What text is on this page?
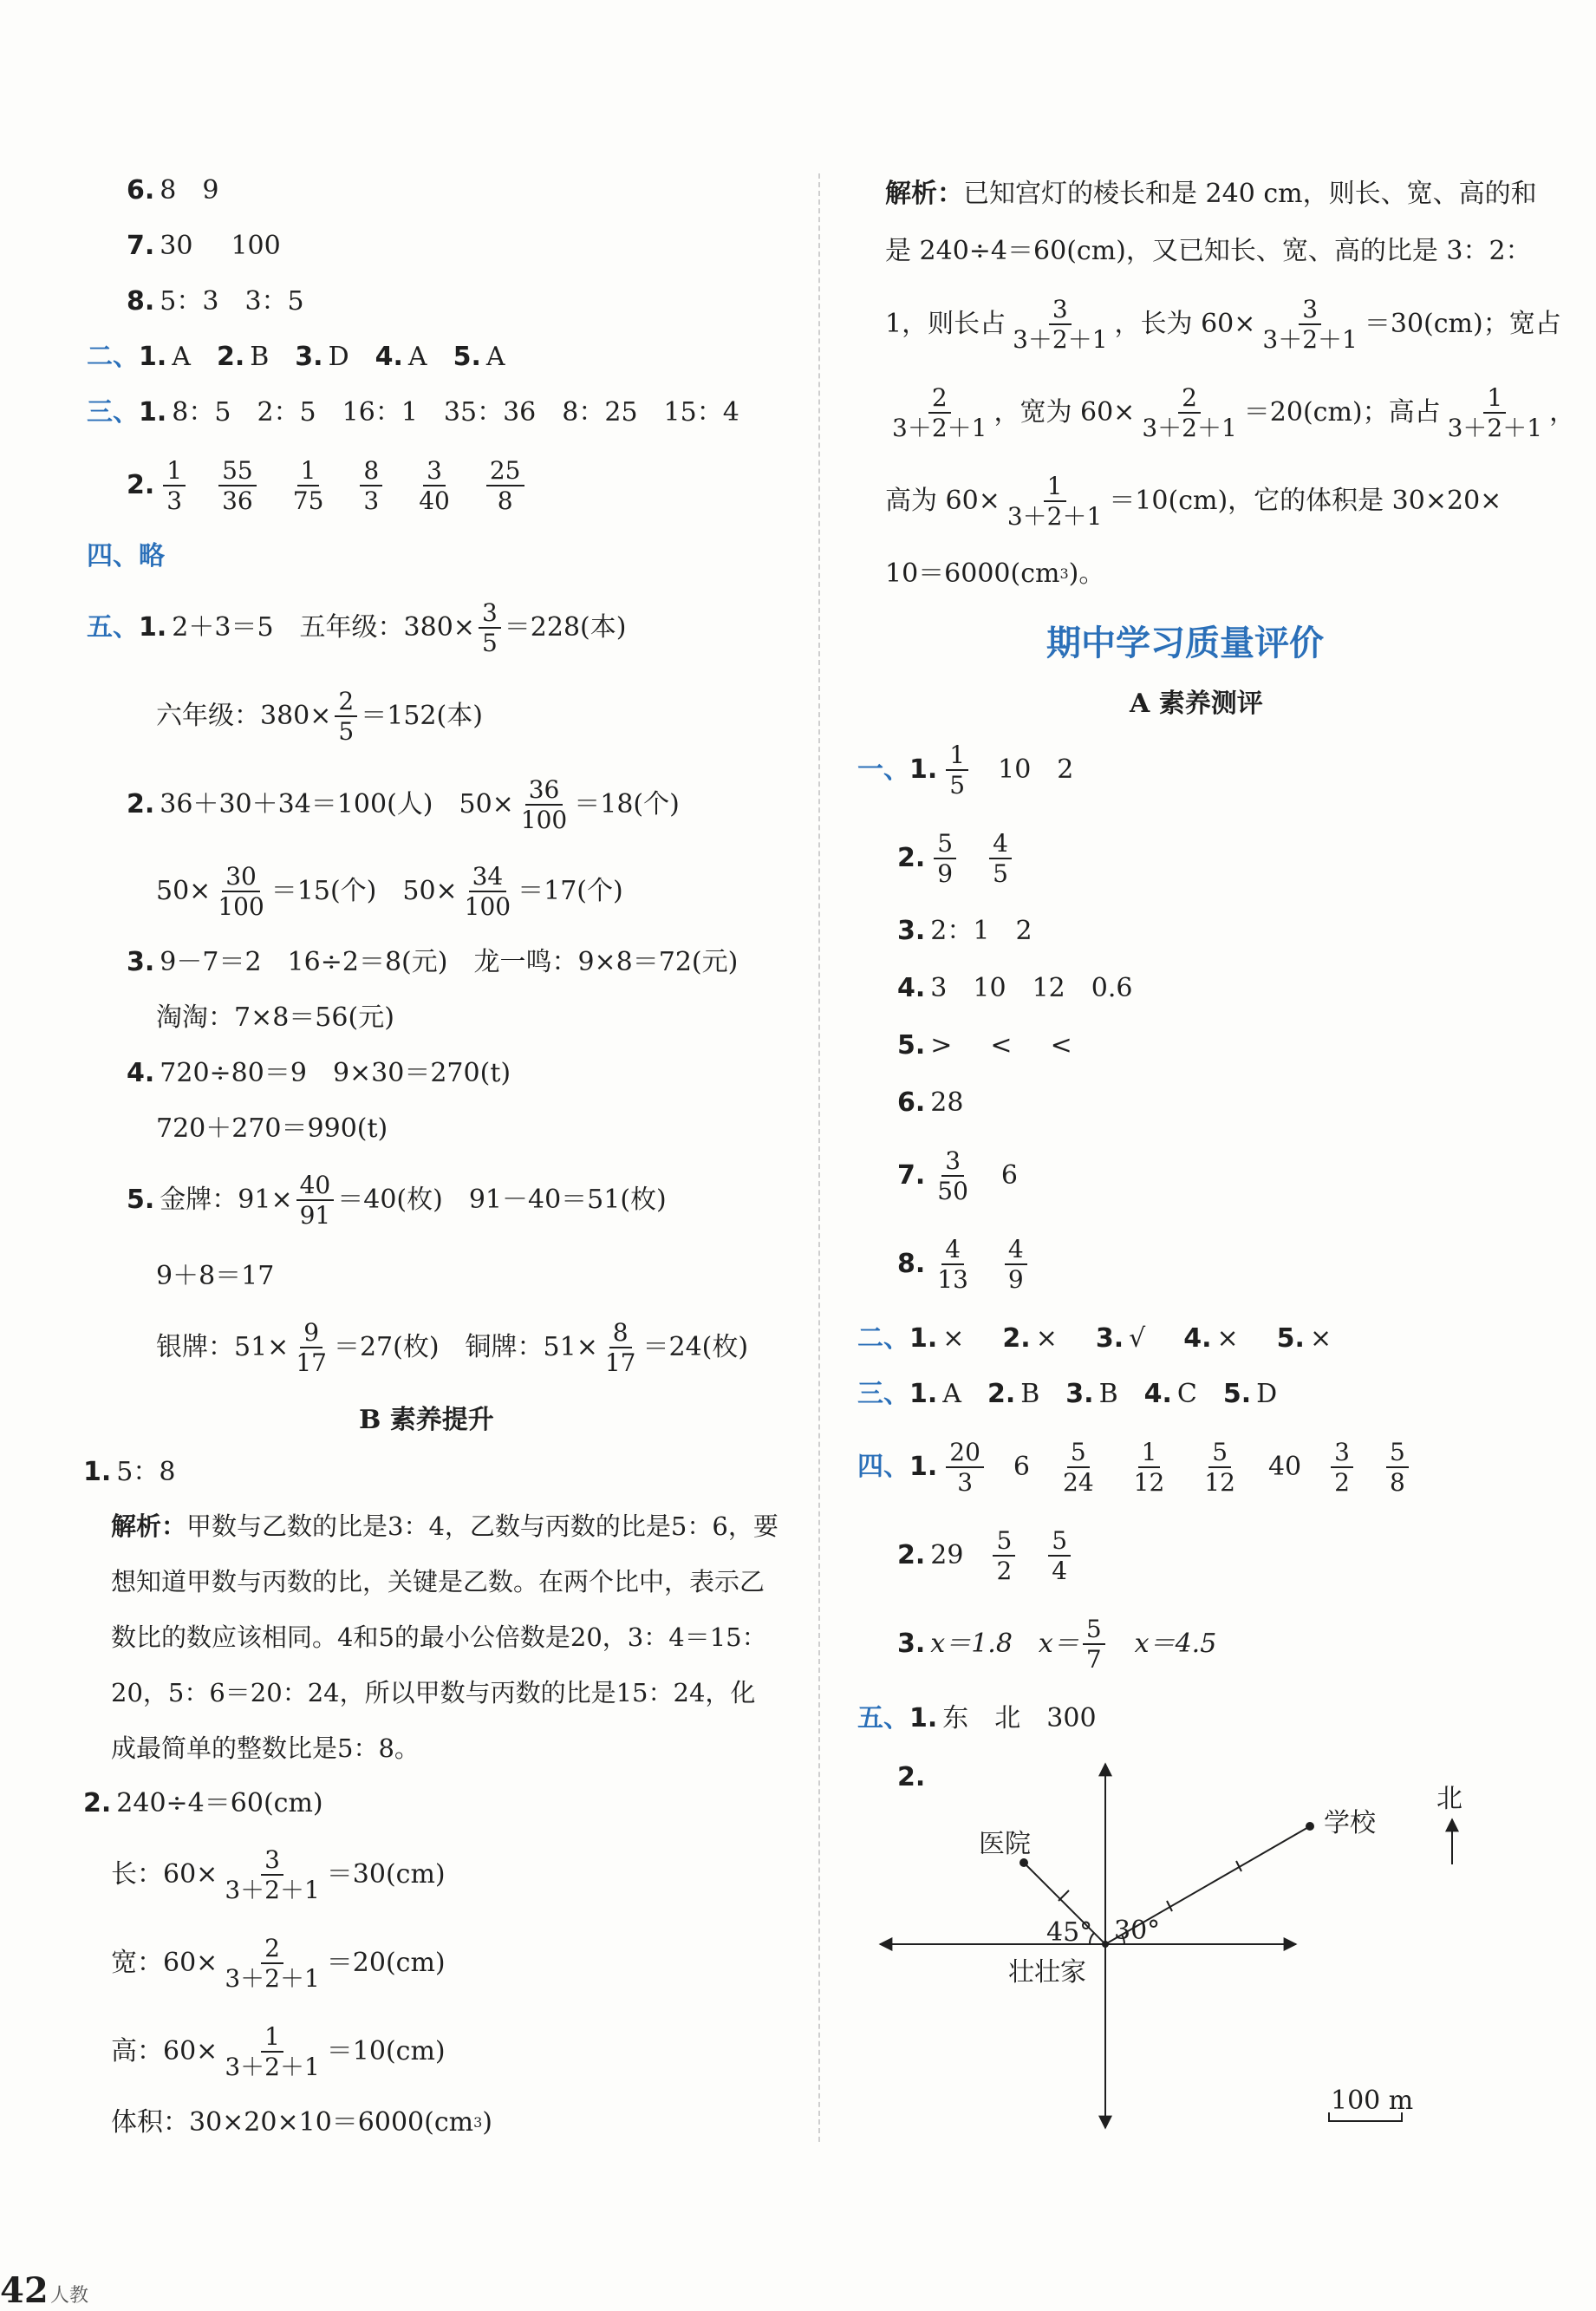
6. 8 9
7. 30 100
8. 5：3 3：5
二、 1. A 2. B 3. D 4. A 5. A
三、 1. 8：5 2：5 16：1 35：36 8：25 15：4
2. $\frac{1}{3} \frac{55}{36} \frac{1}{75} \frac{8}{3} \frac{3}{40} \frac{25}{8}$
四、略
五、 1. 2＋3＝5 五年级：$380\times \frac{3}{5} =228$(本)
六年级：$380\times \frac{2}{5} =152$(本)
2. 36＋30＋34＝100(人) $50\times \frac{36}{100} =18$(个)
$50\times \frac{30}{100} =15$(个) $50\times \frac{34}{100} =17$(个)
3. 9－7＝2 16÷2＝8(元) 龙一鸣：9×8＝72(元)
淘淘：7×8＝56(元)
4. 720÷80＝9 9×30＝270(t)
720＋270＝990(t)
5. 金牌：$91\times \frac{40}{91} =40$(枚) 91－40＝51(枚)
9＋8＝17
银牌：$51\times \frac{9}{17} =27$(枚) 铜牌：$51\times \frac{8}{17} =24$(枚)
B 素养提升
1. 5：8
解析：甲数与乙数的比是3：4，乙数与丙数的比是5：6，要想知道甲数与丙数的比，关键是乙数。在两个比中，表示乙数比的数应该相同。4和5的最小公倍数是20，3：4＝15：20，5：6＝20：24，所以甲数与丙数的比是15：24，化成最简单的整数比是5：8。
2. 240÷4＝60(cm)
长：$60\times \frac{3}{3+2+1} =30(cm)$
宽：$60\times \frac{2}{3+2+1} =20(cm)$
高：$60\times \frac{1}{3+2+1} =10(cm)$
体积：30×20×10＝6000(cm 3 )
解析： 已知宫灯的棱长和是 240 cm，则长、宽、高的和
是 240÷4＝60(cm)，又已知长、宽、高的比是 3：2：
1，则长占 $\frac{3}{3+2+1}$ ，长为 $60\times \frac{3}{3+2+1} =30(cm)$；宽占
$\frac{2}{3+2+1}$ ，宽为 $60\times \frac{2}{3+2+1} =20(cm)$；高占 $\frac{1}{3+2+1}$ ，
高为 $60\times \frac{1}{3+2+1} =10(cm)$，它的体积是 30×20×
10＝6000(cm 3 )。
期中学习质量评价
A 素养测评
一、 1. $\frac{1}{5} 10$ 2
2. $\frac{5}{9} \frac{4}{5}$
3. 2：1 2
4. 3 10 12 0.6
5. > < <
6. 28
7. $\frac{3}{50} 6$
8. $\frac{4}{13} \frac{4}{9}$
二、 1. × 2. × 3. √ 4. × 5. ×
三、 1. A 2. B 3. B 4. C 5. D
四、 1. $\frac{20}{3} 6 \frac{5}{24} \frac{1}{12} \frac{5}{12} 40 \frac{3}{2} \frac{5}{8}$
2. $29 \frac{5}{2} \frac{5}{4}$
3. x＝1.8 $x= \frac{5}{7} x=4.5$
五、 1. 东 北 300
2.
医院
学校
45° 30°
壮壮家
北
100 m
42 人教
